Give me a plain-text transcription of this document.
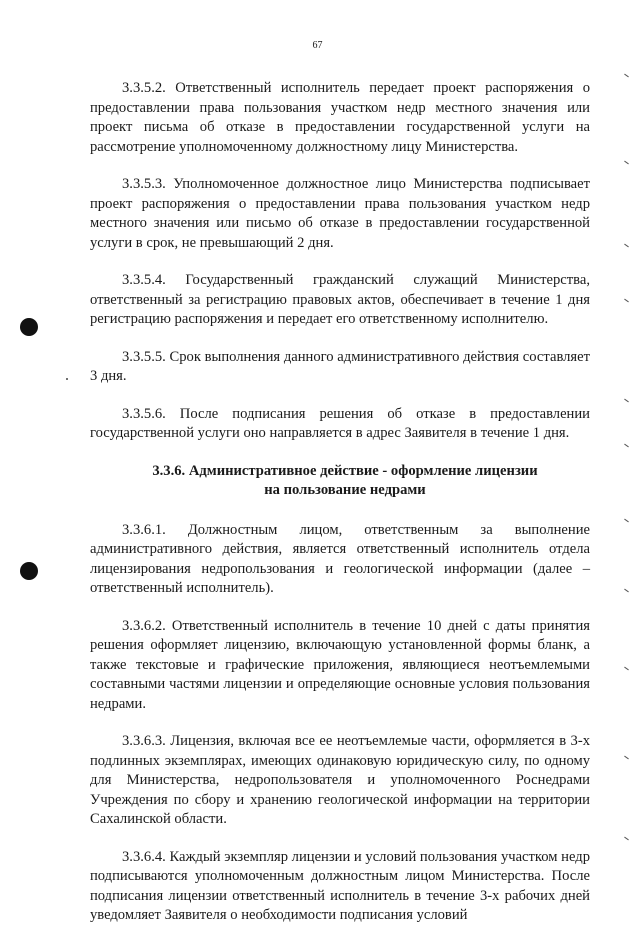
67

3.3.5.2. Ответственный исполнитель передает проект распоряжения о предоставлении права пользования участком недр местного значения или проект письма об отказе в предоставлении государственной услуги на рассмотрение уполномоченному должностному лицу Министерства.

3.3.5.3. Уполномоченное должностное лицо Министерства подписывает проект распоряжения о предоставлении права пользования участком недр местного значения или письмо об отказе в предоставлении государственной услуги в срок, не превышающий 2 дня.

3.3.5.4. Государственный гражданский служащий Министерства, ответственный за регистрацию правовых актов, обеспечивает в течение 1 дня регистрацию распоряжения и передает его ответственному исполнителю.

3.3.5.5. Срок выполнения данного административного действия составляет 3 дня.

3.3.5.6. После подписания решения об отказе в предоставлении государственной услуги оно направляется в адрес Заявителя в течение 1 дня.

3.3.6. Административное действие - оформление лицензии
на пользование недрами

3.3.6.1. Должностным лицом, ответственным за выполнение административного действия, является ответственный исполнитель отдела лицензирования недропользования и геологической информации (далее – ответственный исполнитель).

3.3.6.2. Ответственный исполнитель в течение 10 дней с даты принятия решения оформляет лицензию, включающую установленной формы бланк, а также текстовые и графические приложения, являющиеся неотъемлемыми составными частями лицензии и определяющие основные условия пользования недрами.

3.3.6.3. Лицензия, включая все ее неотъемлемые части, оформляется в 3-х подлинных экземплярах, имеющих одинаковую юридическую силу, по одному для Министерства, недропользователя и уполномоченного Роснедрами Учреждения по сбору и хранению геологической информации на территории Сахалинской области.

3.3.6.4. Каждый экземпляр лицензии и условий пользования участком недр подписываются уполномоченным должностным лицом Министерства. После подписания лицензии ответственный исполнитель в течение 3-х рабочих дней уведомляет Заявителя о необходимости подписания условий
